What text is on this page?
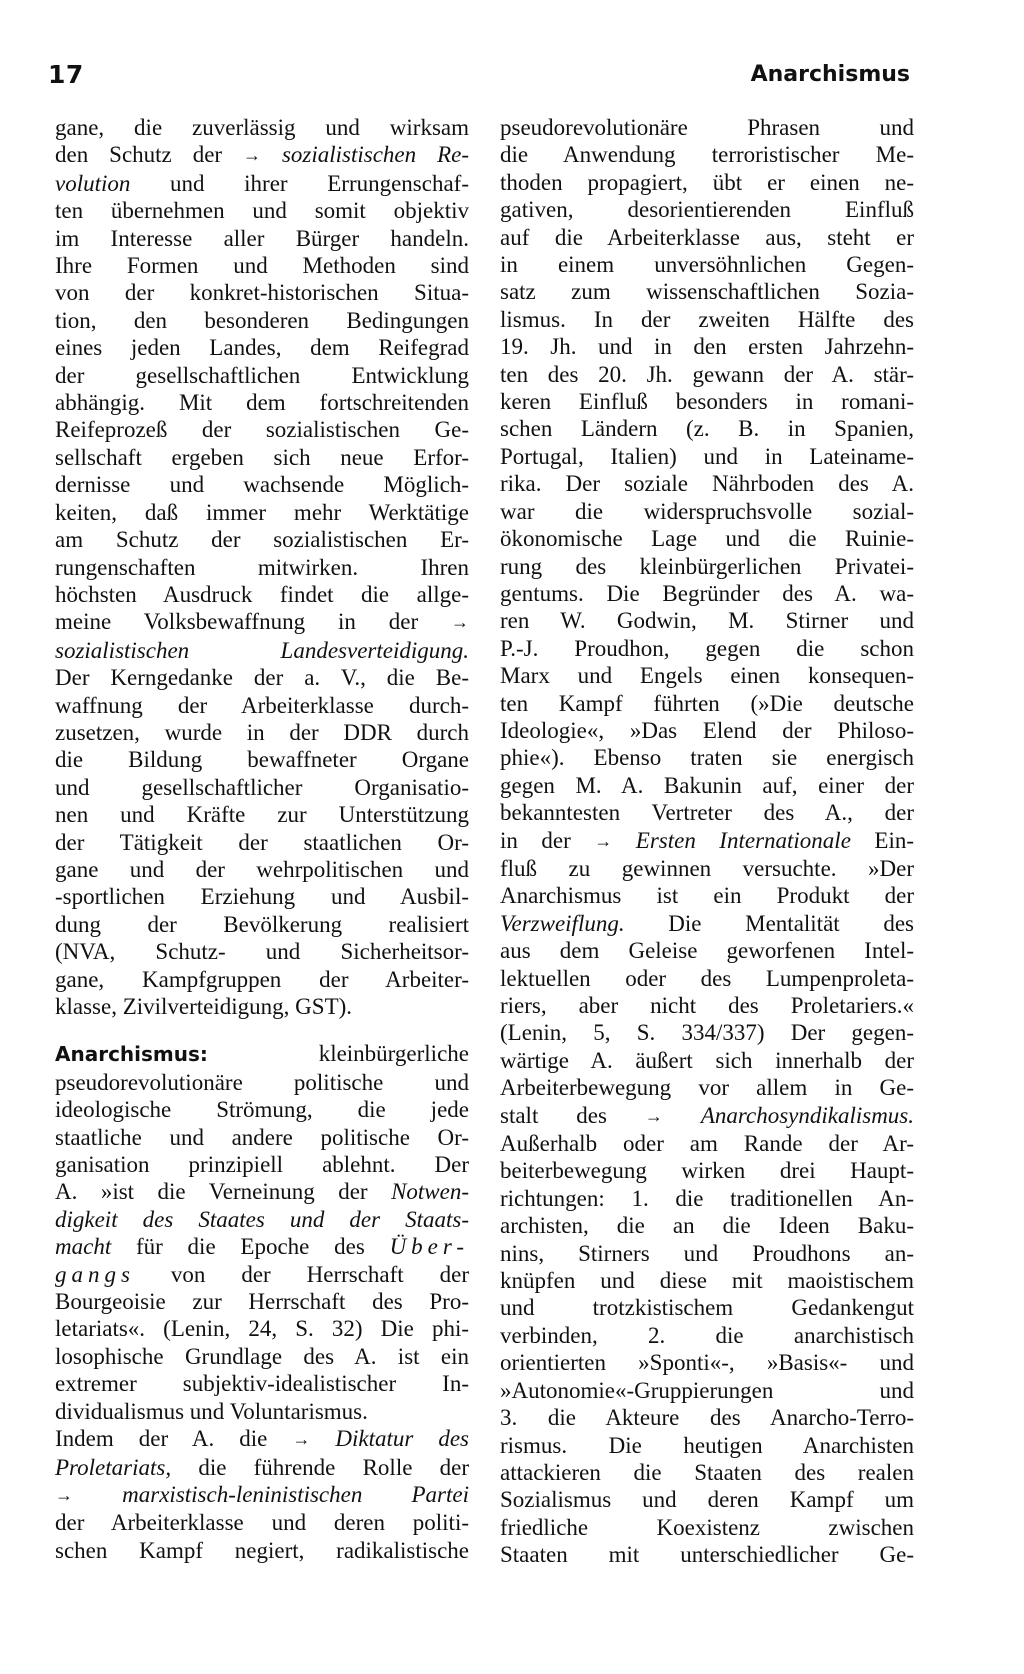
17	Anarchismus
gane, die zuverlässig und wirksam
den Schutz der → sozialistischen Re-
volution und ihrer Errungenschaf-
ten übernehmen und somit objektiv
im Interesse aller Bürger handeln.
Ihre Formen und Methoden sind
von der konkret-historischen Situa-
tion, den besonderen Bedingungen
eines jeden Landes, dem Reifegrad
der gesellschaftlichen Entwicklung
abhängig. Mit dem fortschreitenden
Reifeprozeß der sozialistischen Ge-
sellschaft ergeben sich neue Erfor-
dernisse und wachsende Möglich-
keiten, daß immer mehr Werktätige
am Schutz der sozialistischen Er-
rungenschaften mitwirken. Ihren
höchsten Ausdruck findet die allge-
meine Volksbewaffnung in der →
sozialistischen Landesverteidigung.
Der Kerngedanke der a. V., die Be-
waffnung der Arbeiterklasse durch-
zusetzen, wurde in der DDR durch
die Bildung bewaffneter Organe
und gesellschaftlicher Organisatio-
nen und Kräfte zur Unterstützung
der Tätigkeit der staatlichen Or-
gane und der wehrpolitischen und
-sportlichen Erziehung und Ausbil-
dung der Bevölkerung realisiert
(NVA, Schutz- und Sicherheitsor-
gane, Kampfgruppen der Arbeiter-
klasse, Zivilverteidigung, GST).
Anarchismus:	kleinbürgerliche
pseudorevolutionäre politische und
ideologische Strömung, die jede
staatliche und andere politische Or-
ganisation prinzipiell ablehnt. Der
A. »ist die Verneinung der Notwen-
digkeit des Staates und der Staats-
macht für die Epoche des Über-
gangs von der Herrschaft der
Bourgeoisie zur Herrschaft des Pro-
letariats«. (Lenin, 24, S. 32) Die phi-
losophische Grundlage des A. ist ein
extremer subjektiv-idealistischer In-
dividualismus und Voluntarismus.
Indem der A. die → Diktatur des
Proletariats, die führende Rolle der
→ marxistisch-leninistischen Partei
der Arbeiterklasse und deren politi-
schen Kampf negiert, radikalistische
pseudorevolutionäre Phrasen und
die Anwendung terroristischer Me-
thoden propagiert, übt er einen ne-
gativen, desorientierenden Einfluß
auf die Arbeiterklasse aus, steht er
in einem unversöhnlichen Gegen-
satz zum wissenschaftlichen Sozia-
lismus. In der zweiten Hälfte des
19. Jh. und in den ersten Jahrzehn-
ten des 20. Jh. gewann der A. stär-
keren Einfluß besonders in romani-
schen Ländern (z. B. in Spanien,
Portugal, Italien) und in Lateiname-
rika. Der soziale Nährboden des A.
war die widerspruchsvolle sozial-
ökonomische Lage und die Ruinie-
rung des kleinbürgerlichen Privatei-
gentums. Die Begründer des A. wa-
ren W. Godwin, M. Stirner und
P.-J. Proudhon, gegen die schon
Marx und Engels einen konsequen-
ten Kampf führten (»Die deutsche
Ideologie«, »Das Elend der Philoso-
phie«). Ebenso traten sie energisch
gegen M. A. Bakunin auf, einer der
bekanntesten Vertreter des A., der
in der → Ersten Internationale Ein-
fluß zu gewinnen versuchte. »Der
Anarchismus ist ein Produkt der
Verzweiflung. Die Mentalität des
aus dem Geleise geworfenen Intel-
lektuellen oder des Lumpenproleta-
riers, aber nicht des Proletariers.«
(Lenin, 5, S. 334/337) Der gegen-
wärtige A. äußert sich innerhalb der
Arbeiterbewegung vor allem in Ge-
stalt des → Anarchosyndikalismus.
Außerhalb oder am Rande der Ar-
beiterbewegung wirken drei Haupt-
richtungen: 1. die traditionellen An-
archisten, die an die Ideen Baku-
nins, Stirners und Proudhons an-
knüpfen und diese mit maoistischem
und trotzkistischem Gedankengut
verbinden, 2. die anarchistisch
orientierten »Sponti«-, »Basis«- und
»Autonomie«-Gruppierungen und
3. die Akteure des Anarcho-Terro-
rismus. Die heutigen Anarchisten
attackieren die Staaten des realen
Sozialismus und deren Kampf um
friedliche Koexistenz zwischen
Staaten mit unterschiedlicher Ge-
